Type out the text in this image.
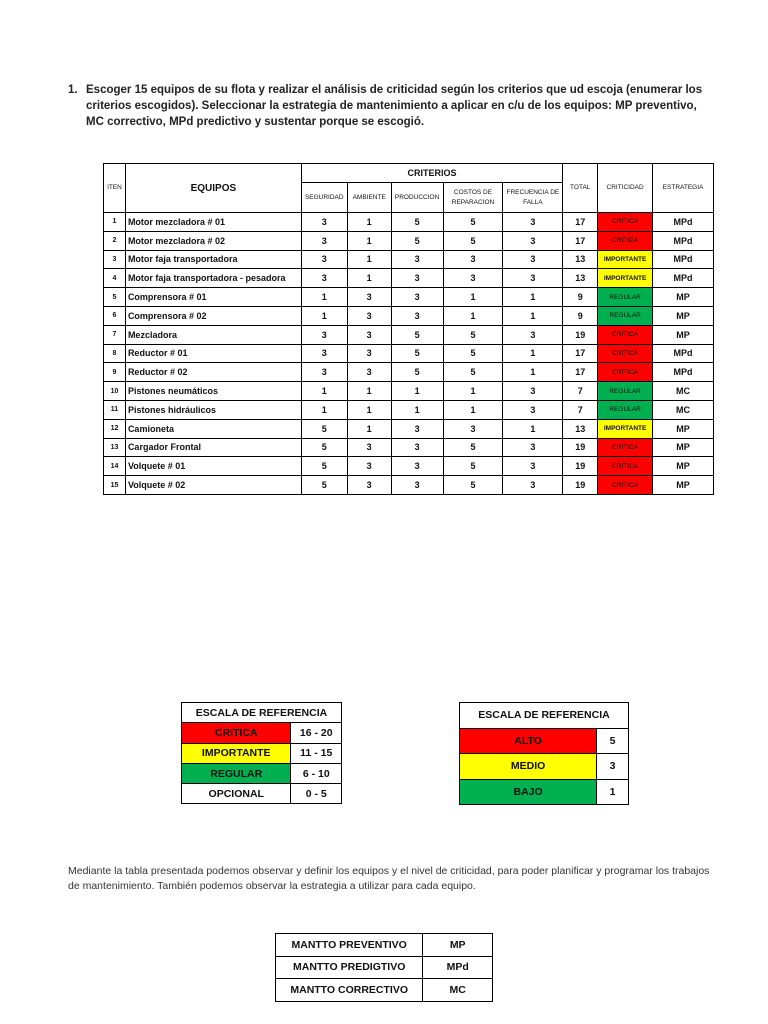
1. Escoger 15 equipos de su flota y realizar el análisis de criticidad según los criterios que ud escoja (enumerar los criterios escogidos). Seleccionar la estrategia de mantenimiento a aplicar en c/u de los equipos: MP preventivo, MC correctivo, MPd predictivo y sustentar porque se escogió.
ITEN	EQUIPOS	CRITERIOS					TOTAL	CRITICIDAD	ESTRATEGIA
		SEGURIDAD	AMBIENTE	PRODUCCION	COSTOS DE REPARACION	FRECUENCIA DE FALLA			
1	Motor mezcladora # 01	3	1	5	5	3	17	CRITICA	MPd
2	Motor mezcladora # 02	3	1	5	5	3	17	CRITICA	MPd
3	Motor faja transportadora	3	1	3	3	3	13	IMPORTANTE	MPd
4	Motor faja transportadora - pesadora	3	1	3	3	3	13	IMPORTANTE	MPd
5	Comprensora # 01	1	3	3	1	1	9	REGULAR	MP
6	Comprensora # 02	1	3	3	1	1	9	REGULAR	MP
7	Mezcladora	3	3	5	5	3	19	CRITICA	MP
8	Reductor # 01	3	3	5	5	1	17	CRITICA	MPd
9	Reductor # 02	3	3	5	5	1	17	CRITICA	MPd
10	Pistones neumáticos	1	1	1	1	3	7	REGULAR	MC
11	Pistones hidráulicos	1	1	1	1	3	7	REGULAR	MC
12	Camioneta	5	1	3	3	1	13	IMPORTANTE	MP
13	Cargador Frontal	5	3	3	5	3	19	CRITICA	MP
14	Volquete # 01	5	3	3	5	3	19	CRITICA	MP
15	Volquete # 02	5	3	3	5	3	19	CRITICA	MP
ESCALA DE REFERENCIA	
CRITICA	16 - 20
IMPORTANTE	11 - 15
REGULAR	6 - 10
OPCIONAL	0 - 5
ESCALA DE REFERENCIA	
ALTO	5
MEDIO	3
BAJO	1
Mediante la tabla presentada podemos observar y definir los equipos y el nivel de criticidad, para poder planificar y programar los trabajos de mantenimiento. También podemos observar la estrategia a utilizar para cada equipo.
MANTTO PREVENTIVO	MP
MANTTO PREDIGTIVO	MPd
MANTTO CORRECTIVO	MC
